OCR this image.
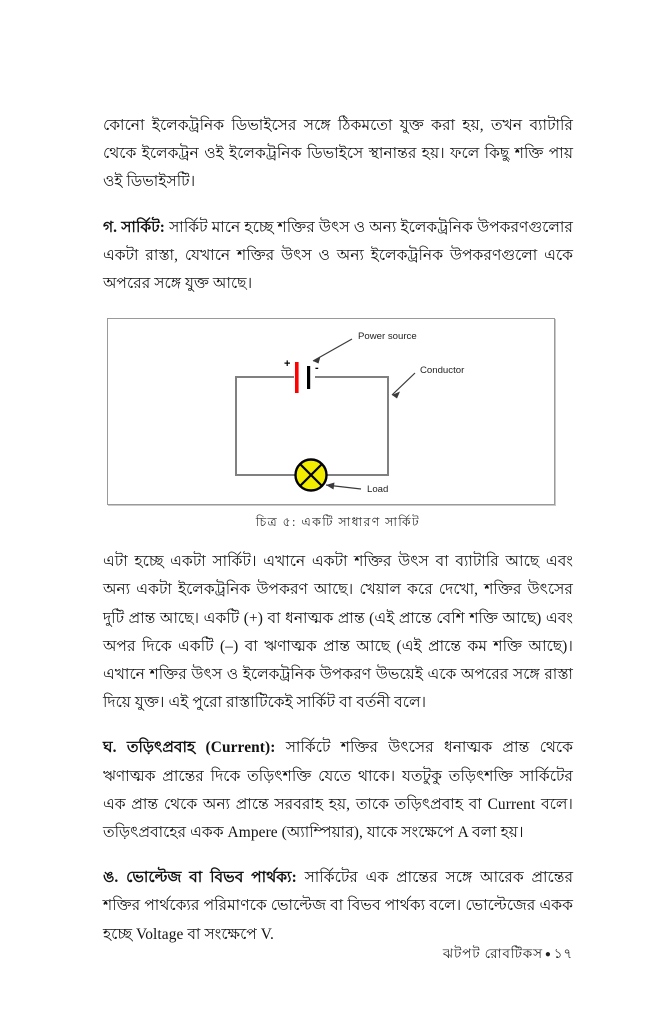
কোনো ইলেকট্রনিক ডিভাইসের সঙ্গে ঠিকমতো যুক্ত করা হয়, তখন ব্যাটারি থেকে ইলেকট্রন ওই ইলেকট্রনিক ডিভাইসে স্থানান্তর হয়। ফলে কিছু শক্তি পায় ওই ডিভাইসটি।

গ. সার্কিট: সার্কিট মানে হচ্ছে শক্তির উৎস ও অন্য ইলেকট্রনিক উপকরণগুলোর একটা রাস্তা, যেখানে শক্তির উৎস ও অন্য ইলেকট্রনিক উপকরণগুলো একে অপরের সঙ্গে যুক্ত আছে।

+ -
Power source
Conductor
Load
চিত্র ৫: একটি সাধারণ সার্কিট

এটা হচ্ছে একটা সার্কিট। এখানে একটা শক্তির উৎস বা ব্যাটারি আছে এবং অন্য একটা ইলেকট্রনিক উপকরণ আছে। খেয়াল করে দেখো, শক্তির উৎসের দুটি প্রান্ত আছে। একটি (+) বা ধনাত্মক প্রান্ত (এই প্রান্তে বেশি শক্তি আছে) এবং অপর দিকে একটি (–) বা ঋণাত্মক প্রান্ত আছে (এই প্রান্তে কম শক্তি আছে)। এখানে শক্তির উৎস ও ইলেকট্রনিক উপকরণ উভয়েই একে অপরের সঙ্গে রাস্তা দিয়ে যুক্ত। এই পুরো রাস্তাটিকেই সার্কিট বা বর্তনী বলে।

ঘ. তড়িৎপ্রবাহ (Current): সার্কিটে শক্তির উৎসের ধনাত্মক প্রান্ত থেকে ঋণাত্মক প্রান্তের দিকে তড়িৎশক্তি যেতে থাকে। যতটুকু তড়িৎশক্তি সার্কিটের এক প্রান্ত থেকে অন্য প্রান্তে সরবরাহ হয়, তাকে তড়িৎপ্রবাহ বা Current বলে। তড়িৎপ্রবাহের একক Ampere (অ্যাম্পিয়ার), যাকে সংক্ষেপে A বলা হয়।

ঙ. ভোল্টেজ বা বিভব পার্থক্য: সার্কিটের এক প্রান্তের সঙ্গে আরেক প্রান্তের শক্তির পার্থক্যের পরিমাণকে ভোল্টেজ বা বিভব পার্থক্য বলে। ভোল্টেজের একক হচ্ছে Voltage বা সংক্ষেপে V.

ঝটপট রোবটিকস ● ১৭
